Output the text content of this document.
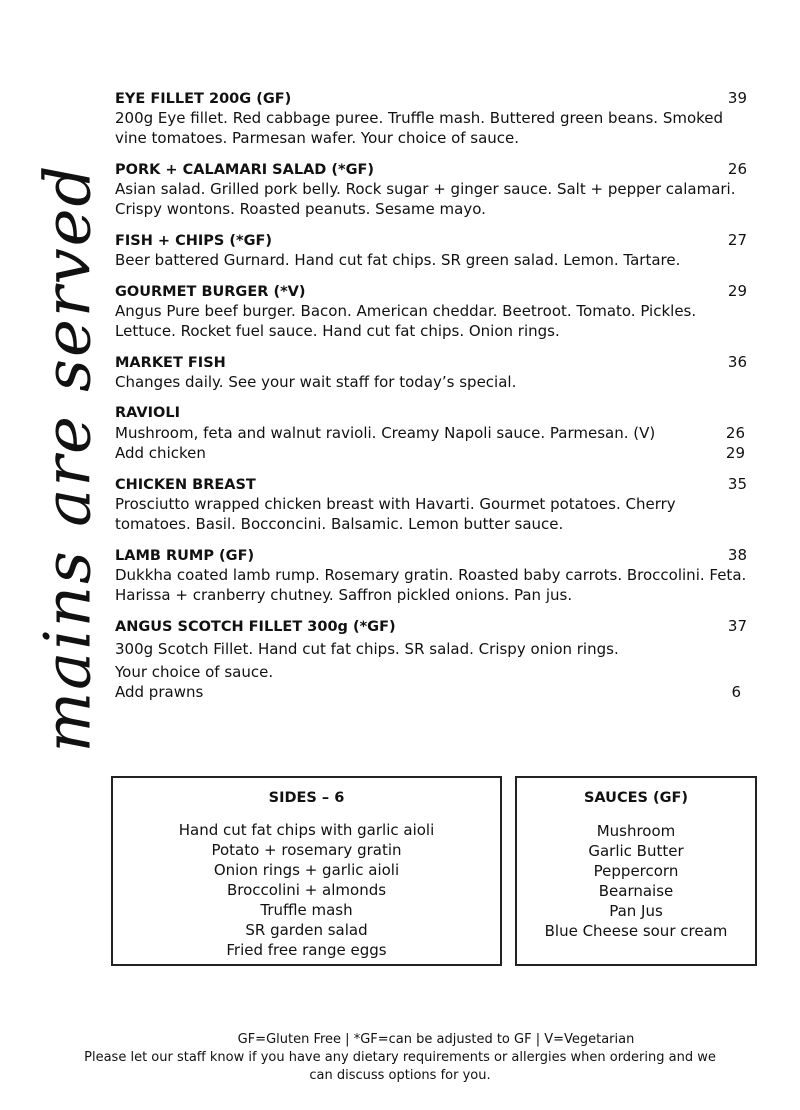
mains are served
EYE FILLET 200G (GF)	39
200g Eye fillet. Red cabbage puree. Truffle mash. Buttered green beans. Smoked vine tomatoes. Parmesan wafer. Your choice of sauce.
PORK + CALAMARI SALAD (*GF)	26
Asian salad. Grilled pork belly. Rock sugar + ginger sauce. Salt + pepper calamari. Crispy wontons. Roasted peanuts. Sesame mayo.
FISH + CHIPS (*GF)	27
Beer battered Gurnard. Hand cut fat chips. SR green salad. Lemon. Tartare.
GOURMET BURGER (*V)	29
Angus Pure beef burger. Bacon. American cheddar. Beetroot. Tomato. Pickles. Lettuce. Rocket fuel sauce. Hand cut fat chips. Onion rings.
MARKET FISH	36
Changes daily. See your wait staff for today’s special.
RAVIOLI
Mushroom, feta and walnut ravioli. Creamy Napoli sauce. Parmesan. (V)	26
Add chicken	29
CHICKEN BREAST	35
Prosciutto wrapped chicken breast with Havarti. Gourmet potatoes. Cherry tomatoes. Basil. Bocconcini. Balsamic. Lemon butter sauce.
LAMB RUMP (GF)	38
Dukkha coated lamb rump. Rosemary gratin. Roasted baby carrots. Broccolini. Feta. Harissa + cranberry chutney. Saffron pickled onions. Pan jus.
ANGUS SCOTCH FILLET 300g (*GF)	37
300g Scotch Fillet. Hand cut fat chips. SR salad. Crispy onion rings.
Your choice of sauce.
Add prawns	6
SIDES – 6
Hand cut fat chips with garlic aioli
Potato + rosemary gratin
Onion rings + garlic aioli
Broccolini + almonds
Truffle mash
SR garden salad
Fried free range eggs
SAUCES (GF)
Mushroom
Garlic Butter
Peppercorn
Bearnaise
Pan Jus
Blue Cheese sour cream
GF=Gluten Free | *GF=can be adjusted to GF | V=Vegetarian
Please let our staff know if you have any dietary requirements or allergies when ordering and we
can discuss options for you.
